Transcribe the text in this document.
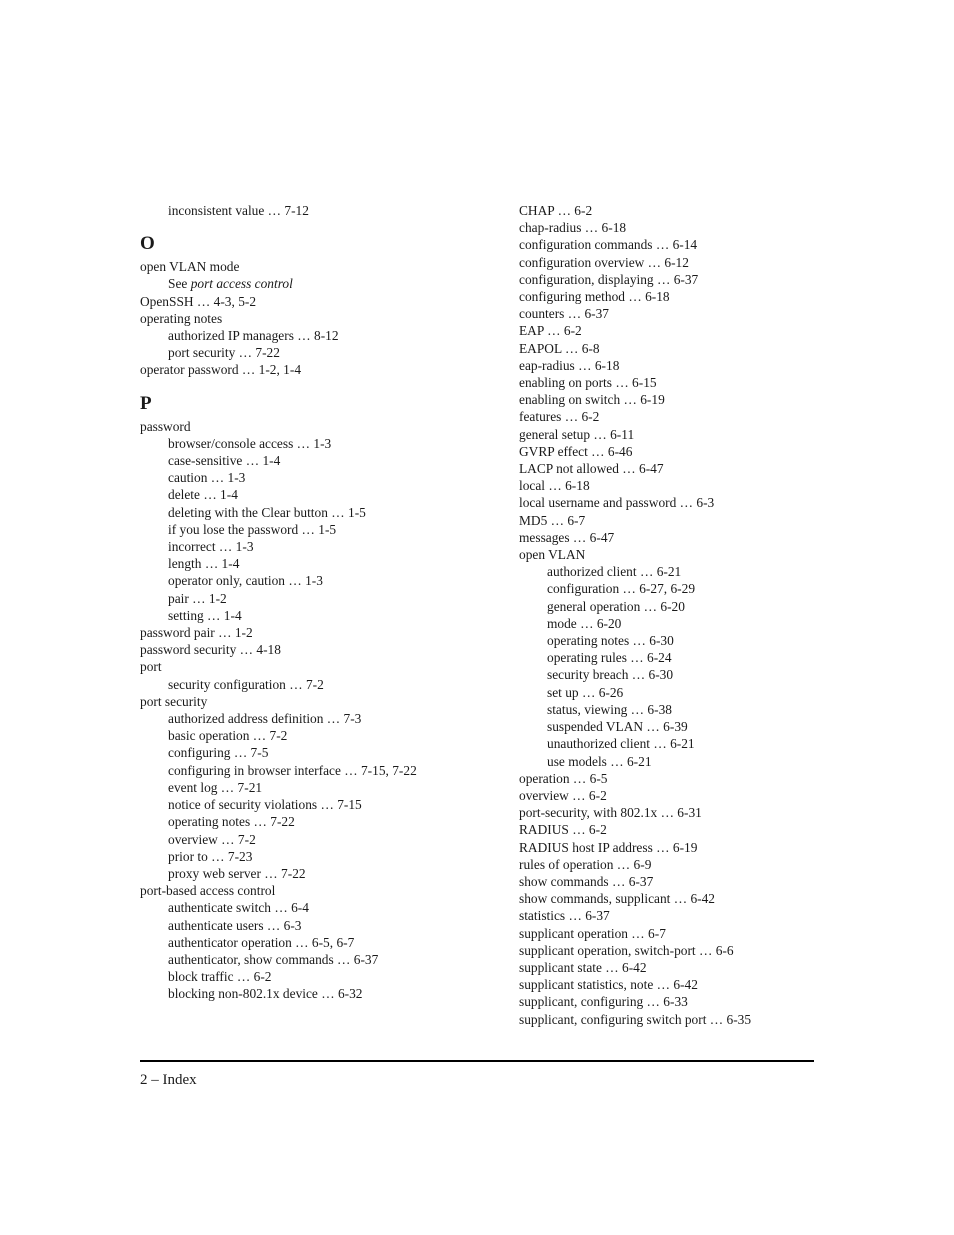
inconsistent value … 7-12
O
open VLAN mode
See port access control
OpenSSH … 4-3, 5-2
operating notes
authorized IP managers … 8-12
port security … 7-22
operator password … 1-2, 1-4
P
password
browser/console access … 1-3
case-sensitive … 1-4
caution … 1-3
delete … 1-4
deleting with the Clear button … 1-5
if you lose the password … 1-5
incorrect … 1-3
length … 1-4
operator only, caution … 1-3
pair … 1-2
setting … 1-4
password pair … 1-2
password security … 4-18
port
security configuration … 7-2
port security
authorized address definition … 7-3
basic operation … 7-2
configuring … 7-5
configuring in browser interface … 7-15, 7-22
event log … 7-21
notice of security violations … 7-15
operating notes … 7-22
overview … 7-2
prior to … 7-23
proxy web server … 7-22
port-based access control
authenticate switch … 6-4
authenticate users … 6-3
authenticator operation … 6-5, 6-7
authenticator, show commands … 6-37
block traffic … 6-2
blocking non-802.1x device … 6-32
CHAP … 6-2
chap-radius … 6-18
configuration commands … 6-14
configuration overview … 6-12
configuration, displaying … 6-37
configuring method … 6-18
counters … 6-37
EAP … 6-2
EAPOL … 6-8
eap-radius … 6-18
enabling on ports … 6-15
enabling on switch … 6-19
features … 6-2
general setup … 6-11
GVRP effect … 6-46
LACP not allowed … 6-47
local … 6-18
local username and password … 6-3
MD5 … 6-7
messages … 6-47
open VLAN
authorized client … 6-21
configuration … 6-27, 6-29
general operation … 6-20
mode … 6-20
operating notes … 6-30
operating rules … 6-24
security breach … 6-30
set up … 6-26
status, viewing … 6-38
suspended VLAN … 6-39
unauthorized client … 6-21
use models … 6-21
operation … 6-5
overview … 6-2
port-security, with 802.1x … 6-31
RADIUS … 6-2
RADIUS host IP address … 6-19
rules of operation … 6-9
show commands … 6-37
show commands, supplicant … 6-42
statistics … 6-37
supplicant operation … 6-7
supplicant operation, switch-port … 6-6
supplicant state … 6-42
supplicant statistics, note … 6-42
supplicant, configuring … 6-33
supplicant, configuring switch port … 6-35
2 – Index
